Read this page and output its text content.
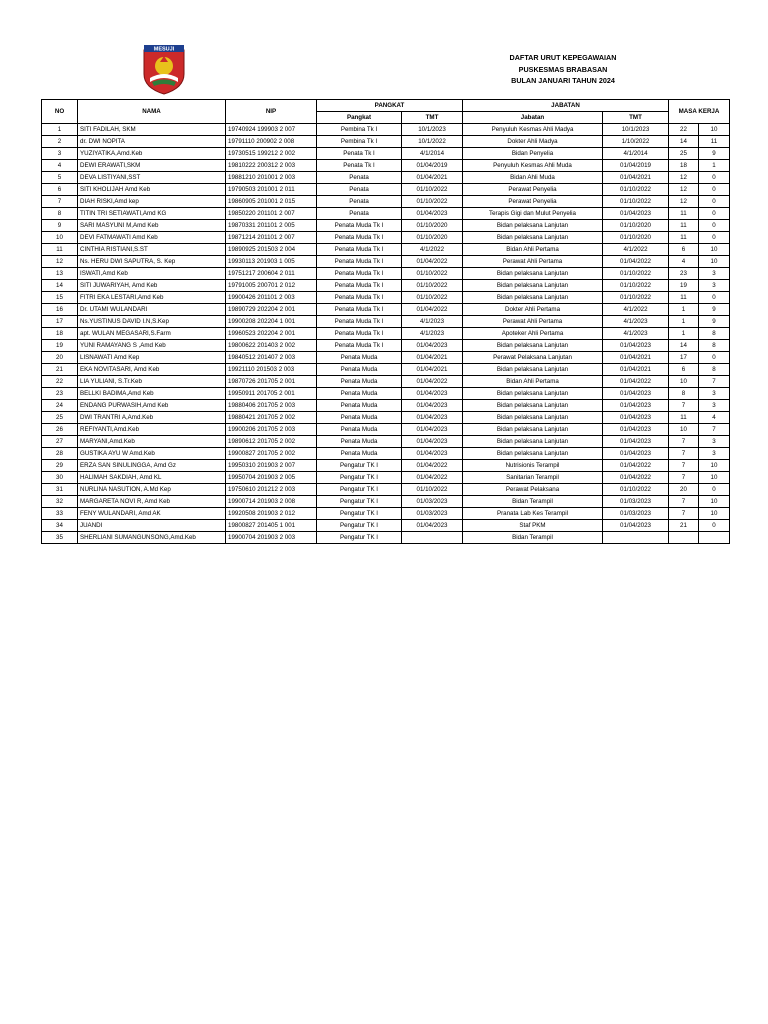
MESUJI
DAFTAR URUT KEPEGAWAIAN
PUSKESMAS BRABASAN
BULAN JANUARI TAHUN 2024
NO	NAMA	NIP	PANGKAT		JABATAN		MASA KERJA	
			Pangkat	TMT	Jabatan	TMT		
1	SITI FADILAH, SKM	19740924 199903 2 007	Pembina Tk I	10/1/2023	Penyuluh Kesmas Ahli Madya	10/1/2023	22	10
2	dr. DWI NOPITA	19791110 200902 2 008	Pembina Tk I	10/1/2022	Dokter Ahli Madya	1/10/2022	14	11
3	YUZIYATIKA,Amd.Keb	19730515 199212 2 002	Penata Tk I	4/1/2014	Bidan Penyelia	4/1/2014	25	9
4	DEWI ERAWATI,SKM	19810222 200312 2 003	Penata Tk I	01/04/2019	Penyuluh Kesmas Ahli Muda	01/04/2019	18	1
5	DEVA LISTIYANI,SST	19881210 201001 2 003	Penata	01/04/2021	Bidan Ahli Muda	01/04/2021	12	0
6	SITI KHOLIJAH Amd Keb	19790503 201001 2 011	Penata	01/10/2022	Perawat Penyelia	01/10/2022	12	0
7	DIAH RISKI,Amd kep	19860905 201001 2 015	Penata	01/10/2022	Perawat Penyelia	01/10/2022	12	0
8	TITIN TRI SETIAWATI,Amd KG	19850220 201101 2 007	Penata	01/04/2023	Terapis Gigi dan Mulut Penyelia	01/04/2023	11	0
9	SARI MASYUNI M,Amd Keb	19870331 201101 2 005	Penata Muda Tk I	01/10/2020	Bidan pelaksana Lanjutan	01/10/2020	11	0
10	DEVI FATMAWATI Amd Keb	19871214 201101 2 007	Penata Muda Tk I	01/10/2020	Bidan pelaksana Lanjutan	01/10/2020	11	0
11	CINTHIA RISTIANI,S.ST	19890925 201503 2 004	Penata Muda Tk I	4/1/2022	Bidan Ahli Pertama	4/1/2022	6	10
12	Ns. HERU DWI SAPUTRA, S. Kep	19930113 201903 1 005	Penata Muda Tk I	01/04/2022	Perawat Ahli Pertama	01/04/2022	4	10
13	ISWATI,Amd Keb	19751217 200604 2 011	Penata Muda Tk I	01/10/2022	Bidan pelaksana Lanjutan	01/10/2022	23	3
14	SITI JUWARIYAH, Amd Keb	19791005 200701 2 012	Penata Muda Tk I	01/10/2022	Bidan pelaksana Lanjutan	01/10/2022	19	3
15	FITRI EKA LESTARI,Amd Keb	19900426 201101 2 003	Penata Muda Tk I	01/10/2022	Bidan pelaksana Lanjutan	01/10/2022	11	0
16	Dr. UTAMI WULANDARI	19890729 202204 2 001	Penata Muda Tk I	01/04/2022	Dokter Ahli Pertama	4/1/2022	1	9
17	Ns.YUSTINUS DAVID I.N,S.Kep	19900208 202204 1 001	Penata Muda Tk I	4/1/2023	Perawat Ahli Pertama	4/1/2023	1	9
18	apt. WULAN MEGASARI,S.Farm	19960523 202204 2 001	Penata Muda Tk I	4/1/2023	Apoteker Ahli Pertama	4/1/2023	1	8
19	YUNI RAMAYANG S ,Amd Keb	19800622 201403 2 002	Penata Muda Tk I	01/04/2023	Bidan pelaksana Lanjutan	01/04/2023	14	8
20	LISNAWATI Amd Kep	19840512 201407 2 003	Penata Muda	01/04/2021	Perawat Pelaksana Lanjutan	01/04/2021	17	0
21	EKA NOVITASARI, Amd Keb	19921110 201503 2 003	Penata Muda	01/04/2021	Bidan pelaksana Lanjutan	01/04/2021	6	8
22	LIA YULIANI, S.Tr.Keb	19870726 201705 2 001	Penata Muda	01/04/2022	Bidan Ahli Pertama	01/04/2022	10	7
23	BELLKI BADIMA,Amd Keb	19950911 201705 2 001	Penata Muda	01/04/2023	Bidan pelaksana Lanjutan	01/04/2023	8	3
24	ENDANG PURWASIH,Amd Keb	19880406 201705 2 003	Penata Muda	01/04/2023	Bidan pelaksana Lanjutan	01/04/2023	7	3
25	DWI TRANTRI A,Amd.Keb	19880421 201705 2 002	Penata Muda	01/04/2023	Bidan pelaksana Lanjutan	01/04/2023	11	4
26	REFIYANTI,Amd.Keb	19900206 201705 2 003	Penata Muda	01/04/2023	Bidan pelaksana Lanjutan	01/04/2023	10	7
27	MARYANI,Amd.Keb	19890612 201705 2 002	Penata Muda	01/04/2023	Bidan pelaksana Lanjutan	01/04/2023	7	3
28	GUSTIKA AYU W Amd.Keb	19900827 201705 2 002	Penata Muda	01/04/2023	Bidan pelaksana Lanjutan	01/04/2023	7	3
29	ERZA SAN SINULINGGA, Amd Gz	19950310 201903 2 007	Pengatur TK I	01/04/2022	Nutrisionis Terampil	01/04/2022	7	10
30	HALIMAH SAKDIAH, Amd KL	19950704 201903 2 005	Pengatur TK I	01/04/2022	Sanitarian Terampil	01/04/2022	7	10
31	NURLINA NASUTION, A.Md Kep	19750610 201212 2 003	Pengatur TK I	01/10/2022	Perawat Pelaksana	01/10/2022	20	0
32	MARGARETA NOVI R, Amd Keb	19900714 201903 2 008	Pengatur TK I	01/03/2023	Bidan Terampil	01/03/2023	7	10
33	FENY WULANDARI, Amd AK	19920508 201903 2 012	Pengatur TK I	01/03/2023	Pranata Lab Kes Terampil	01/03/2023	7	10
34	JUANDI	19800827 201405 1 001	Pengatur TK I	01/04/2023	Staf PKM	01/04/2023	21	0
35	SHERLIANI SUMANGUNSONG,Amd.Keb	19900704 201903 2 003	Pengatur TK I		Bidan Terampil			
